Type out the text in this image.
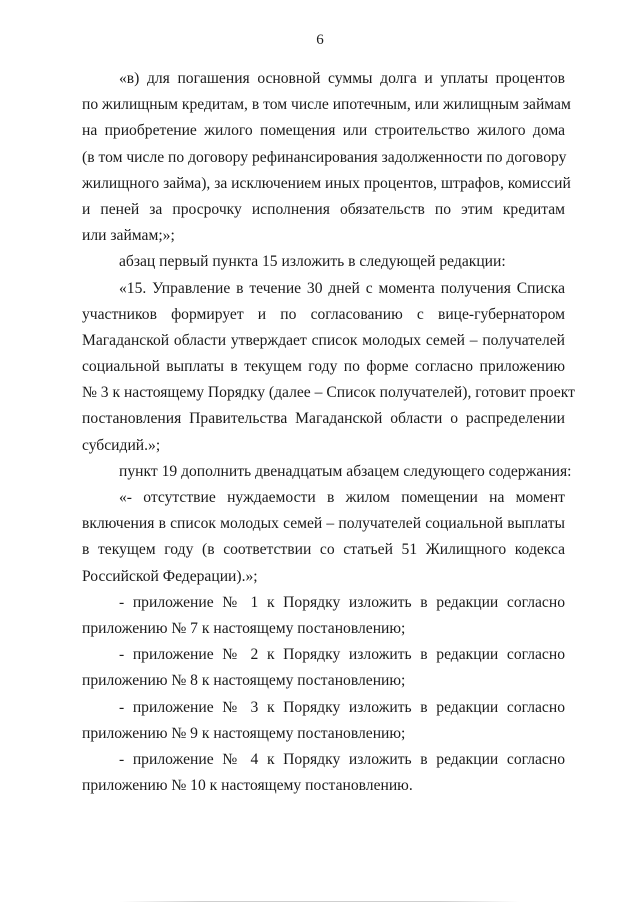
6
«в) для погашения основной суммы долга и уплаты процентов
по жилищным кредитам, в том числе ипотечным, или жилищным займам
на приобретение жилого помещения или строительство жилого дома
(в том числе по договору рефинансирования задолженности по договору
жилищного займа), за исключением иных процентов, штрафов, комиссий
и пеней за просрочку исполнения обязательств по этим кредитам
или займам;»;
абзац первый пункта 15 изложить в следующей редакции:
«15. Управление в течение 30 дней с момента получения Списка
участников формирует и по согласованию с вице-губернатором
Магаданской области утверждает список молодых семей – получателей
социальной выплаты в текущем году по форме согласно приложению
№ 3 к настоящему Порядку (далее – Список получателей), готовит проект
постановления Правительства Магаданской области о распределении
субсидий.»;
пункт 19 дополнить двенадцатым абзацем следующего содержания:
«- отсутствие нуждаемости в жилом помещении на момент
включения в список молодых семей – получателей социальной выплаты
в текущем году (в соответствии со статьей 51 Жилищного кодекса
Российской Федерации).»;
- приложение № 1 к Порядку изложить в редакции согласно
приложению № 7 к настоящему постановлению;
- приложение № 2 к Порядку изложить в редакции согласно
приложению № 8 к настоящему постановлению;
- приложение № 3 к Порядку изложить в редакции согласно
приложению № 9 к настоящему постановлению;
- приложение № 4 к Порядку изложить в редакции согласно
приложению № 10 к настоящему постановлению.
